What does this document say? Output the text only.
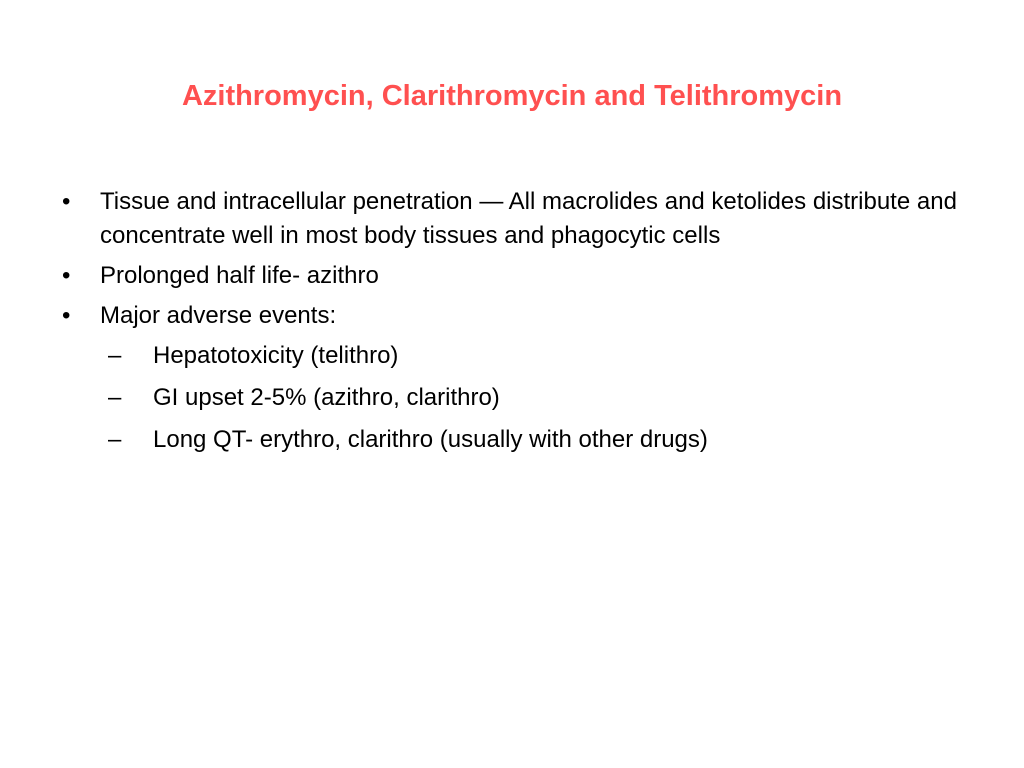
Azithromycin, Clarithromycin and Telithromycin
•	Tissue and intracellular penetration — All macrolides and ketolides distribute and concentrate well in most body tissues and phagocytic cells
•	Prolonged half life- azithro
•	Major adverse events:
–	Hepatotoxicity (telithro)
–	GI upset 2-5% (azithro, clarithro)
–	Long QT- erythro, clarithro (usually with other drugs)
